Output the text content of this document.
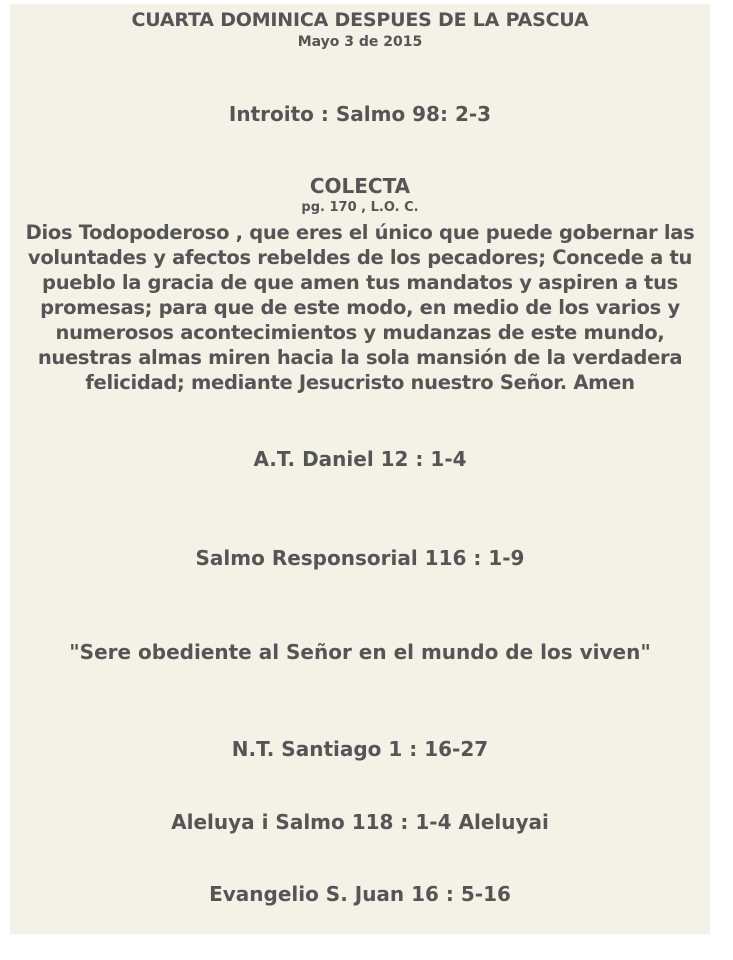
CUARTA DOMINICA DESPUES DE LA PASCUA
Mayo 3 de 2015
Introito : Salmo 98: 2-3
COLECTA
pg. 170 , L.O. C.
Dios Todopoderoso , que eres el único que puede gobernar las
voluntades y afectos rebeldes de los pecadores; Concede a tu
pueblo la gracia de que amen tus mandatos y aspiren a tus
promesas; para que de este modo, en medio de los varios y
numerosos acontecimientos y mudanzas de este mundo,
nuestras almas miren hacia la sola mansión de la verdadera
felicidad; mediante Jesucristo nuestro Señor. Amen
A.T. Daniel 12 : 1-4
Salmo Responsorial 116 : 1-9
"Sere obediente al Señor en el mundo de los viven"
N.T. Santiago 1 : 16-27
Aleluya i Salmo 118 : 1-4 Aleluyai
Evangelio S. Juan 16 : 5-16
